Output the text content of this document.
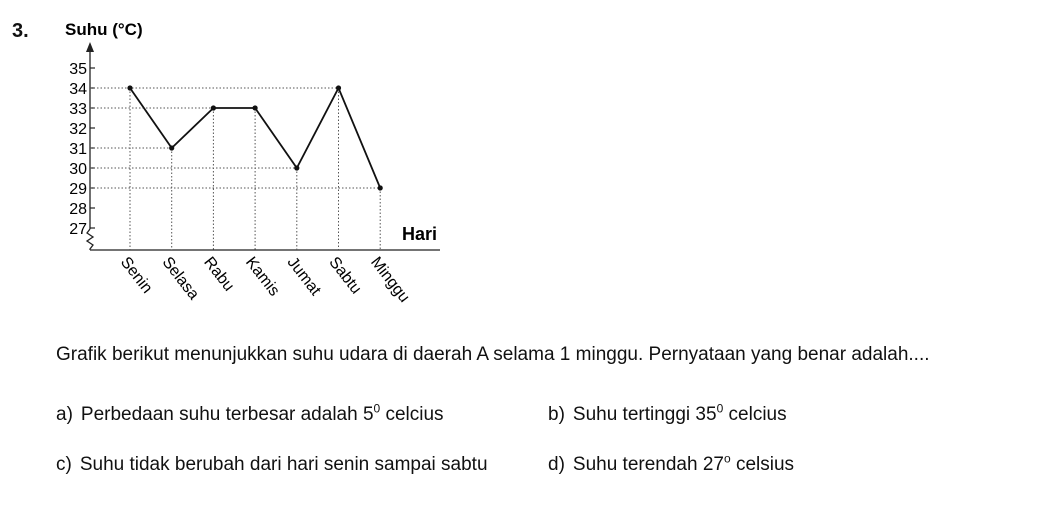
3. Suhu (°C)
27
28
29
30
31
32
33
34
35
Hari
Senin Selasa
Rabu Kamis Jumat Sabtu Minggu
Grafik berikut menunjukkan suhu udara di daerah A selama 1 minggu. Pernyataan yang benar adalah....
a) Perbedaan suhu terbesar adalah $5^0$ celcius	b) Suhu tertinggi $35^0$ celcius
c) Suhu tidak berubah dari hari senin sampai sabtu	d) Suhu terendah 27$^o$ celsius
